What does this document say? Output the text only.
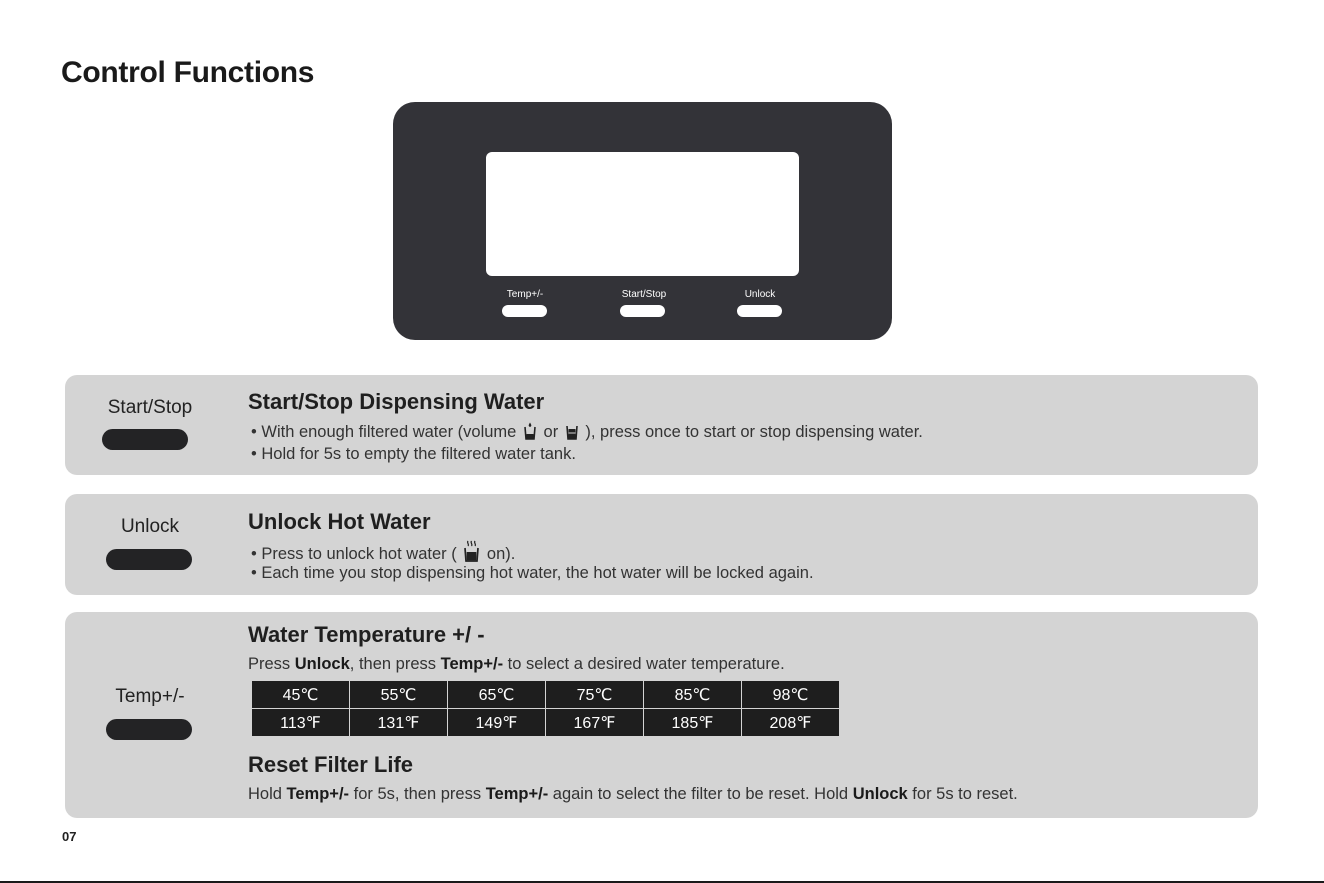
Control Functions
Temp+/-	Start/Stop	Unlock
Start/Stop	Start/Stop Dispensing Water
• With enough filtered water (volume or ), press once to start or stop dispensing water.
• Hold for 5s to empty the filtered water tank.
Unlock	Unlock Hot Water
• Press to unlock hot water ( on).
• Each time you stop dispensing hot water, the hot water will be locked again.
Temp+/-
Water Temperature +/ -
Press Unlock, then press Temp+/- to select a desired water temperature.
45℃	55℃	65℃	75℃	85℃	98℃
113℉	131℉	149℉	167℉	185℉	208℉
Reset Filter Life
Hold Temp+/- for 5s, then press Temp+/- again to select the filter to be reset. Hold Unlock for 5s to reset.
07
